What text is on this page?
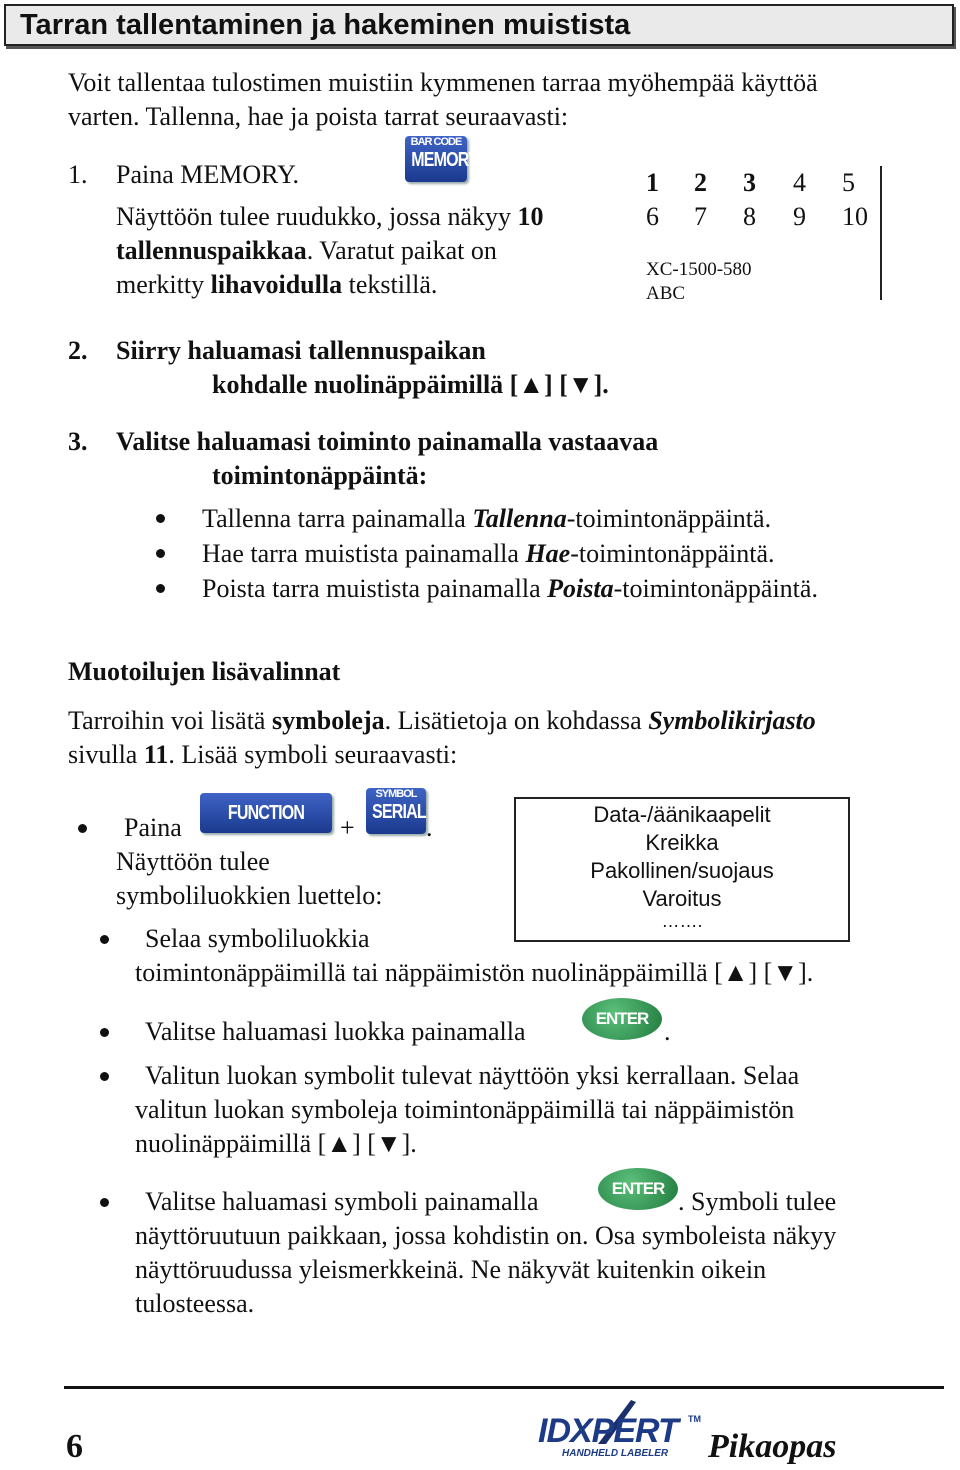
Tarran tallentaminen ja hakeminen muistista
Voit tallentaa tulostimen muistiin kymmenen tarraa myöhempää käyttöä
varten. Tallenna, hae ja poista tarrat seuraavasti:
1. Paina MEMORY.
BAR CODE
MEMORY
Näyttöön tulee ruudukko, jossa näkyy 10
tallennuspaikkaa. Varatut paikat on
merkitty lihavoidulla tekstillä.
1 2 3 4 5
6 7 8 9 10
XC-1500-580
ABC
2. Siirry haluamasi tallennuspaikan
kohdalle nuolinäppäimillä [▲] [▼].
3. Valitse haluamasi toiminto painamalla vastaavaa
toimintonäppäintä:
Tallenna tarra painamalla Tallenna-toimintonäppäintä.
Hae tarra muistista painamalla Hae-toimintonäppäintä.
Poista tarra muistista painamalla Poista-toimintonäppäintä.
Muotoilujen lisävalinnat
Tarroihin voi lisätä symboleja. Lisätietoja on kohdassa Symbolikirjasto
sivulla 11. Lisää symboli seuraavasti:
Paina	FUNCTION	+
SYMBOL
SERIAL
.
Näyttöön tulee
symboliluokkien luettelo:
Data-/äänikaapelit
Kreikka
Pakollinen/suojaus
Varoitus
…….
Selaa symboliluokkia
toimintonäppäimillä tai näppäimistön nuolinäppäimillä [▲] [▼].
Valitse haluamasi luokka painamalla	ENTER .
Valitun luokan symbolit tulevat näyttöön yksi kerrallaan. Selaa
valitun luokan symboleja toimintonäppäimillä tai näppäimistön
nuolinäppäimillä [▲] [▼].
Valitse haluamasi symboli painamalla	ENTER . Symboli tulee
näyttöruutuun paikkaan, jossa kohdistin on. Osa symboleista näkyy
näyttöruudussa yleismerkkeinä. Ne näkyvät kuitenkin oikein
tulosteessa.
6	IDXPERT TM
HANDHELD LABELER Pikaopas
